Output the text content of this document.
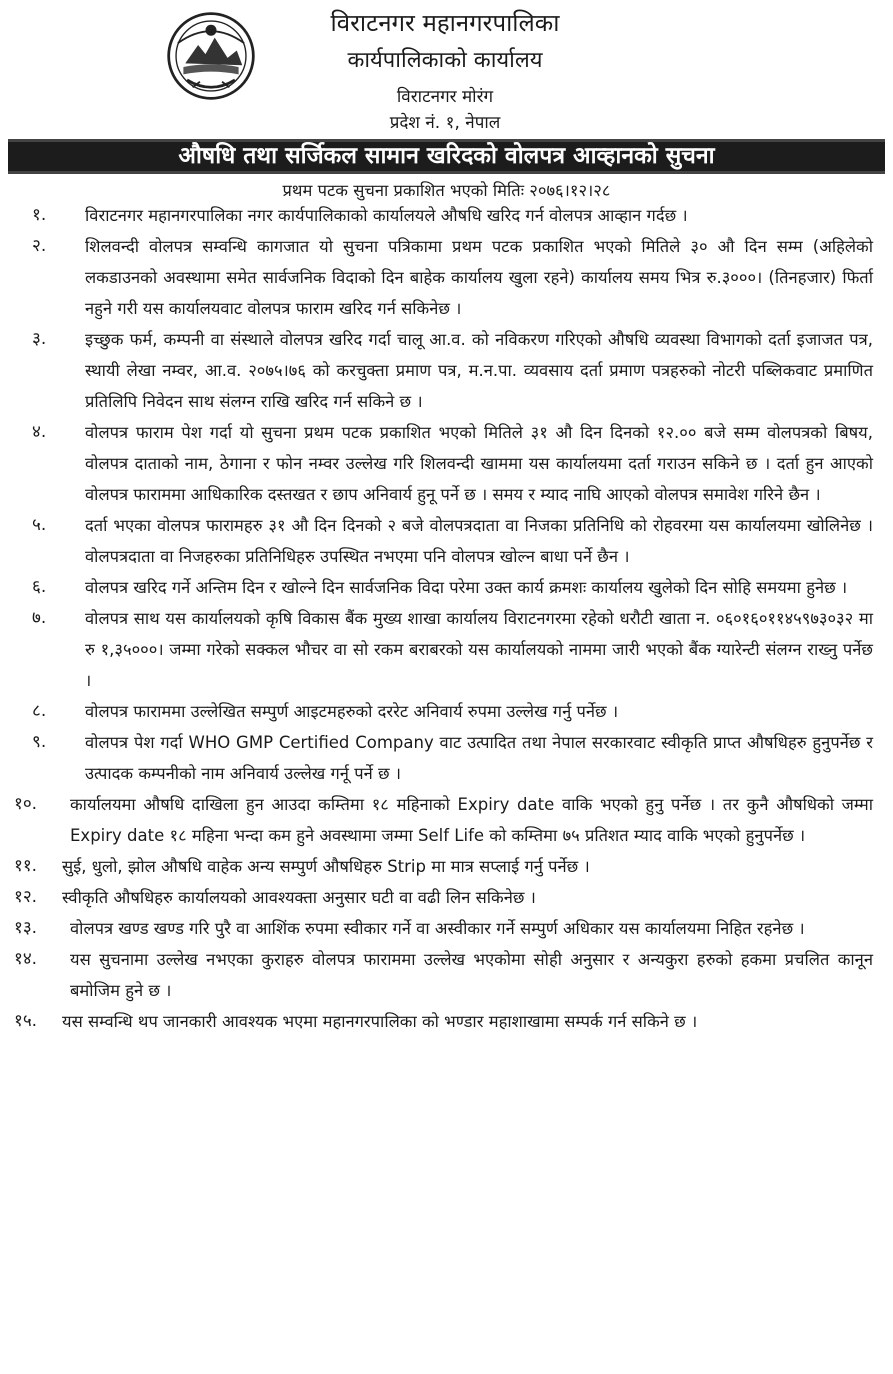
विराटनगर महानगरपालिका
कार्यपालिकाको कार्यालय
विराटनगर मोरंग
प्रदेश नं. १, नेपाल
औषधि तथा सर्जिकल सामान खरिदको वोलपत्र आव्हानको सुचना
प्रथम पटक सुचना प्रकाशित भएको मितिः २०७६।१२।२८
१. विराटनगर महानगरपालिका नगर कार्यपालिकाको कार्यालयले औषधि खरिद गर्न वोलपत्र आव्हान गर्दछ ।
२. शिलवन्दी वोलपत्र सम्वन्धि कागजात यो सुचना पत्रिकामा प्रथम पटक प्रकाशित भएको मितिले ३० औ दिन सम्म (अहिलेको लकडाउनको अवस्थामा समेत सार्वजनिक विदाको दिन बाहेक कार्यालय खुला रहने) कार्यालय समय भित्र रु.३०००। (तिनहजार) फिर्ता नहुने गरी यस कार्यालयवाट वोलपत्र फाराम खरिद गर्न सकिनेछ ।
३. इच्छुक फर्म, कम्पनी वा संस्थाले वोलपत्र खरिद गर्दा चालू आ.व. को नविकरण गरिएको औषधि व्यवस्था विभागको दर्ता इजाजत पत्र, स्थायी लेखा नम्वर, आ.व. २०७५।७६ को करचुक्ता प्रमाण पत्र, म.न.पा. व्यवसाय दर्ता प्रमाण पत्रहरुको नोटरी पब्लिकवाट प्रमाणित प्रतिलिपि निवेदन साथ संलग्न राखि खरिद गर्न सकिने छ ।
४. वोलपत्र फाराम पेश गर्दा यो सुचना प्रथम पटक प्रकाशित भएको मितिले ३१ औ दिन दिनको १२.०० बजे सम्म वोलपत्रको बिषय, वोलपत्र दाताको नाम, ठेगाना र फोन नम्वर उल्लेख गरि शिलवन्दी खाममा यस कार्यालयमा दर्ता गराउन सकिने छ । दर्ता हुन आएको वोलपत्र फाराममा आधिकारिक दस्तखत र छाप अनिवार्य हुनू पर्ने छ । समय र म्याद नाघि आएको वोलपत्र समावेश गरिने छैन ।
५. दर्ता भएका वोलपत्र फारामहरु ३१ औ दिन दिनको २ बजे वोलपत्रदाता वा निजका प्रतिनिधि को रोहवरमा यस कार्यालयमा खोलिनेछ । वोलपत्रदाता वा निजहरुका प्रतिनिधिहरु उपस्थित नभएमा पनि वोलपत्र खोल्न बाधा पर्ने छैन ।
६. वोलपत्र खरिद गर्ने अन्तिम दिन र खोल्ने दिन सार्वजनिक विदा परेमा उक्त कार्य क्रमशः कार्यालय खुलेको दिन सोहि समयमा हुनेछ ।
७. वोलपत्र साथ यस कार्यालयको कृषि विकास बैंक मुख्य शाखा कार्यालय विराटनगरमा रहेको धरौटी खाता न. ०६०१६०११४५९७३०३२ मा रु १,३५०००। जम्मा गरेको सक्कल भौचर वा सो रकम बराबरको यस कार्यालयको नाममा जारी भएको बैंक ग्यारेन्टी संलग्न राख्नु पर्नेछ ।
८. वोलपत्र फाराममा उल्लेखित सम्पुर्ण आइटमहरुको दररेट अनिवार्य रुपमा उल्लेख गर्नु पर्नेछ ।
९. वोलपत्र पेश गर्दा WHO GMP Certified Company वाट उत्पादित तथा नेपाल सरकारवाट स्वीकृति प्राप्त औषधिहरु हुनुपर्नेछ र उत्पादक कम्पनीको नाम अनिवार्य उल्लेख गर्नू पर्ने छ ।
१०. कार्यालयमा औषधि दाखिला हुन आउदा कम्तिमा १८ महिनाको Expiry date वाकि भएको हुनु पर्नेछ । तर कुनै औषधिको जम्मा Expiry date १८ महिना भन्दा कम हुने अवस्थामा जम्मा Self Life को कम्तिमा ७५ प्रतिशत म्याद वाकि भएको हुनुपर्नेछ ।
११. सुई, धुलो, झोल औषधि वाहेक अन्य सम्पुर्ण औषधिहरु Strip मा मात्र सप्लाई गर्नु पर्नेछ ।
१२. स्वीकृति औषधिहरु कार्यालयको आवश्यक्ता अनुसार घटी वा वढी लिन सकिनेछ ।
१३. वोलपत्र खण्ड खण्ड गरि पुरै वा आशिंक रुपमा स्वीकार गर्ने वा अस्वीकार गर्ने सम्पुर्ण अधिकार यस कार्यालयमा निहित रहनेछ ।
१४. यस सुचनामा उल्लेख नभएका कुराहरु वोलपत्र फाराममा उल्लेख भएकोमा सोही अनुसार र अन्यकुरा हरुको हकमा प्रचलित कानून बमोजिम हुने छ ।
१५. यस सम्वन्धि थप जानकारी आवश्यक भएमा महानगरपालिका को भण्डार महाशाखामा सम्पर्क गर्न सकिने छ ।
